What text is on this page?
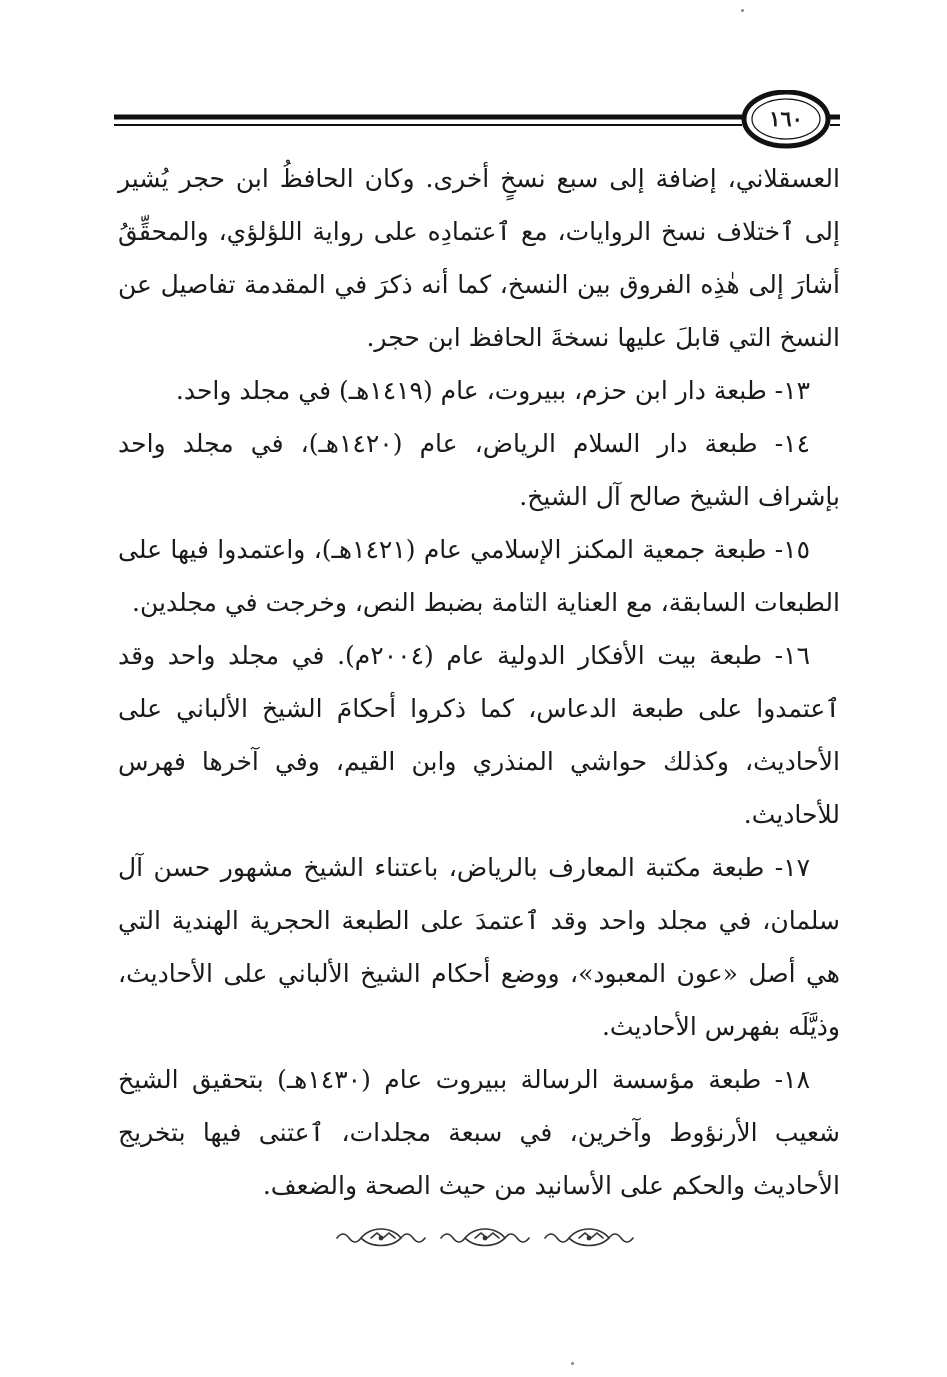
١٦٠

العسقلاني، إضافة إلى سبع نسخٍ أخرى. وكان الحافظُ ابن حجر يُشير إلى ٱختلاف نسخ الروايات، مع ٱعتمادِه على رواية اللؤلؤي، والمحقِّقُ أشارَ إلى هٰذِه الفروق بين النسخ، كما أنه ذكرَ في المقدمة تفاصيل عن النسخ التي قابلَ عليها نسخةَ الحافظ ابن حجر.

١٣- طبعة دار ابن حزم، ببيروت، عام (١٤١٩هـ) في مجلد واحد.

١٤- طبعة دار السلام الرياض، عام (١٤٢٠هـ)، في مجلد واحد بإشراف الشيخ صالح آل الشيخ.

١٥- طبعة جمعية المكنز الإسلامي عام (١٤٢١هـ)، واعتمدوا فيها على الطبعات السابقة، مع العناية التامة بضبط النص، وخرجت في مجلدين.

١٦- طبعة بيت الأفكار الدولية عام (٢٠٠٤م). في مجلد واحد وقد ٱعتمدوا على طبعة الدعاس، كما ذكروا أحكامَ الشيخ الألباني على الأحاديث، وكذلك حواشي المنذري وابن القيم، وفي آخرها فهرس للأحاديث.

١٧- طبعة مكتبة المعارف بالرياض، باعتناء الشيخ مشهور حسن آل سلمان، في مجلد واحد وقد ٱعتمدَ على الطبعة الحجرية الهندية التي هي أصل «عون المعبود»، ووضع أحكام الشيخ الألباني على الأحاديث، وذيَّلَه بفهرس الأحاديث.

١٨- طبعة مؤسسة الرسالة ببيروت عام (١٤٣٠هـ) بتحقيق الشيخ شعيب الأرنؤوط وآخرين، في سبعة مجلدات، ٱعتنى فيها بتخريج الأحاديث والحكم على الأسانيد من حيث الصحة والضعف.
